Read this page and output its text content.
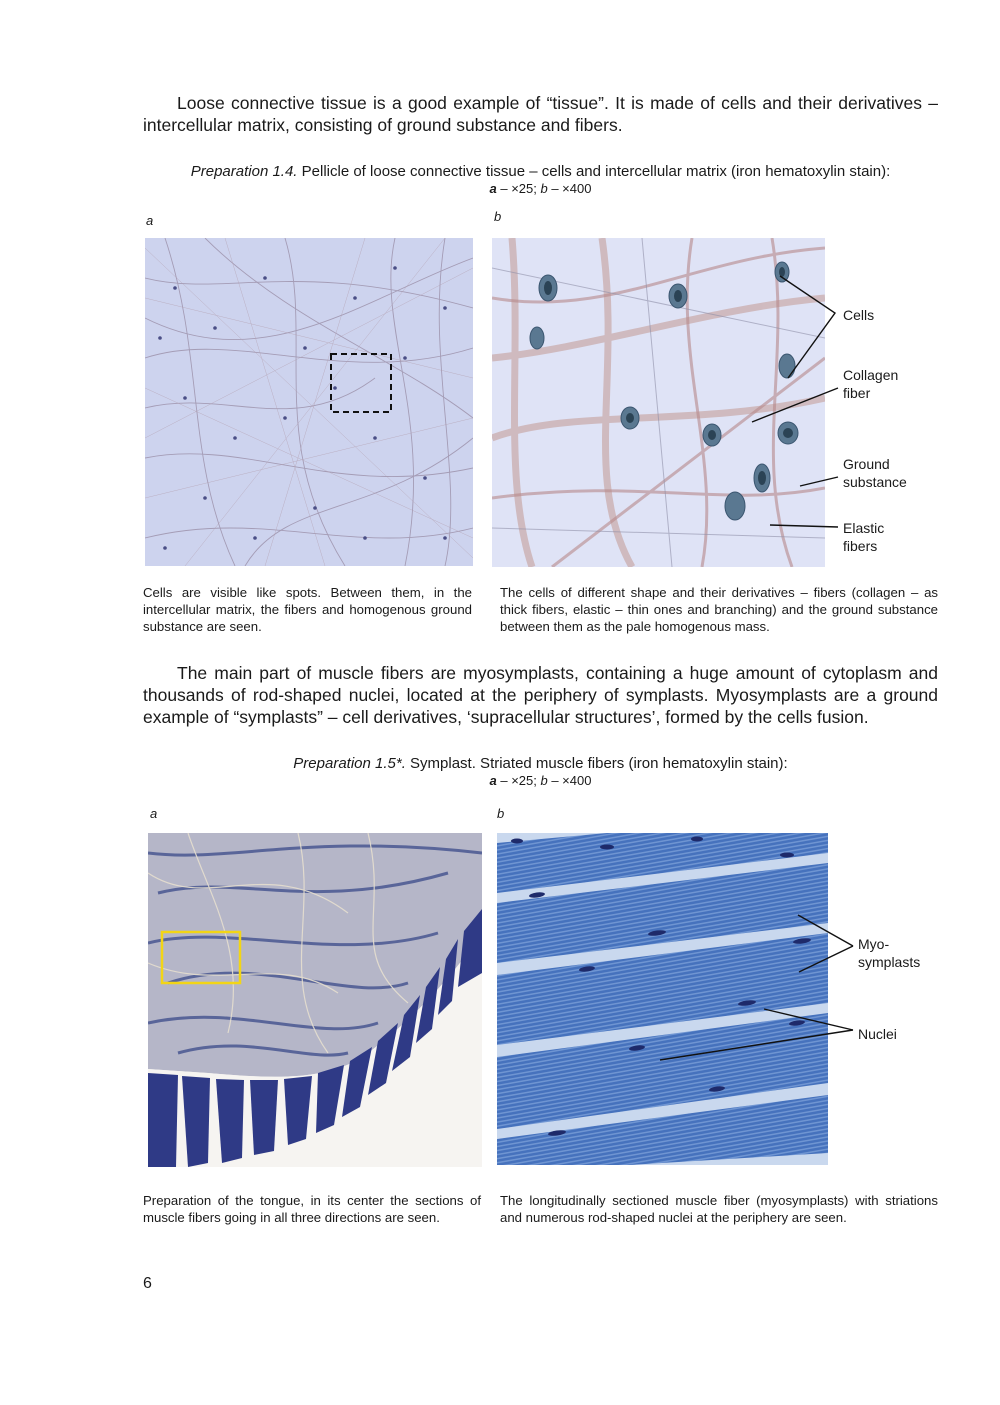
Loose connective tissue is a good example of “tissue”. It is made of cells and their derivatives – intercellular matrix, consisting of ground substance and fibers.

Preparation 1.4. Pellicle of loose connective tissue – cells and intercellular matrix (iron hematoxylin stain):
a – ×25; b – ×400

a	b
Cells
Collagen
fiber
Ground
substance
Elastic
fibers

Cells are visible like spots. Between them, in the intercellular matrix, the fibers and homogenous ground substance are seen.

The cells of different shape and their derivatives – fibers (collagen – as thick fibers, elastic – thin ones and branching) and the ground substance between them as the pale homogenous mass.

The main part of muscle fibers are myosymplasts, containing a huge amount of cytoplasm and thousands of rod-shaped nuclei, located at the periphery of symplasts. Myosymplasts are a ground example of “symplasts” – cell derivatives, ‘supracellular structures’, formed by the cells fusion.

Preparation 1.5*. Symplast. Striated muscle fibers (iron hematoxylin stain):
a – ×25; b – ×400

a	b
Myo-
symplasts
Nuclei

Preparation of the tongue, in its center the sections of muscle fibers going in all three directions are seen.

The longitudinally sectioned muscle fiber (myosymplasts) with striations and numerous rod-shaped nuclei at the periphery are seen.

6
